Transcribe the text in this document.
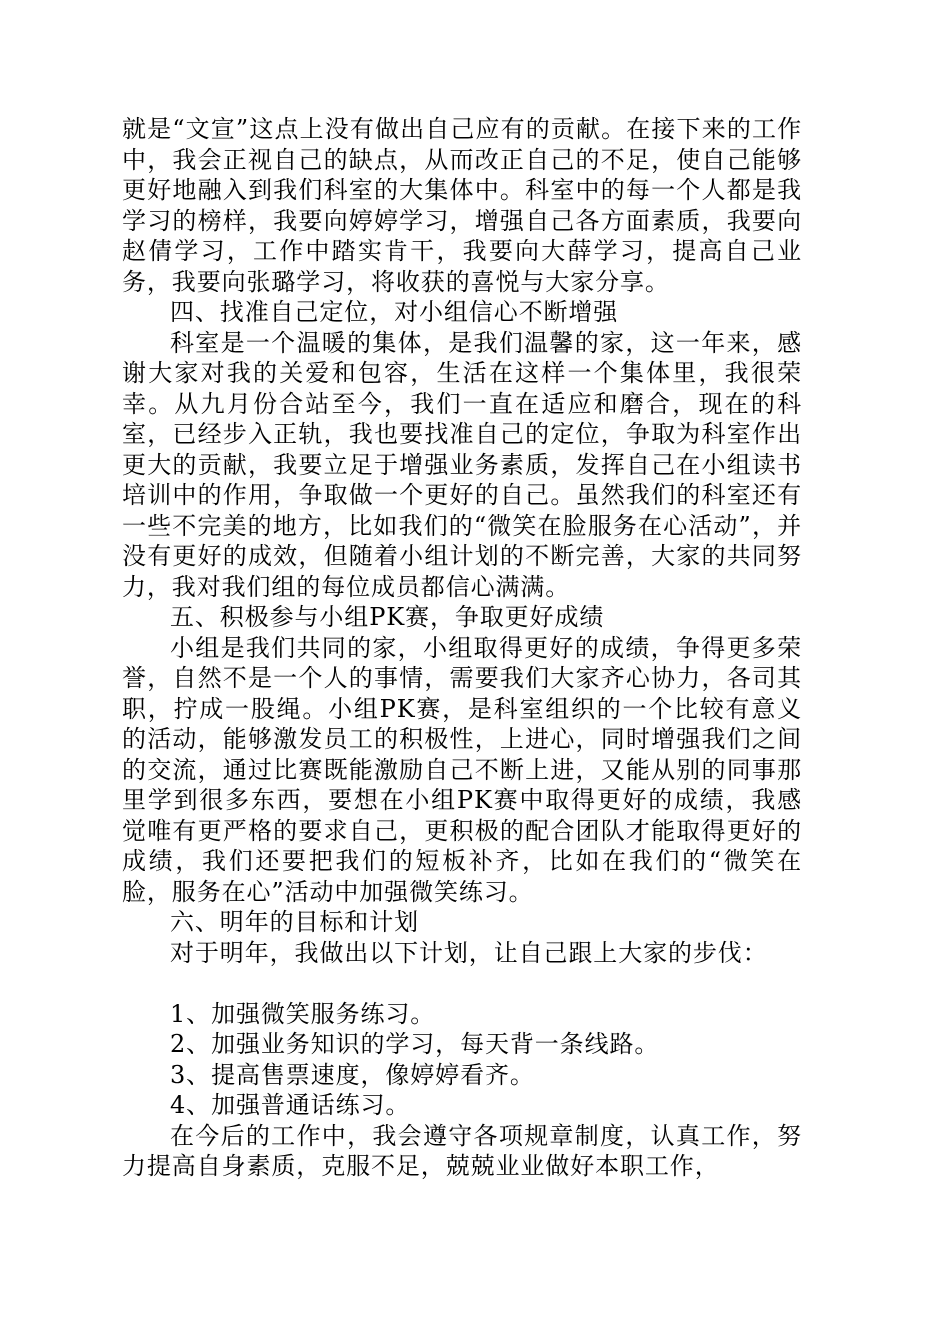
就是“文宣”这点上没有做出自己应有的贡献。在接下来的工作中，我会正视自己的缺点，从而改正自己的不足，使自己能够更好地融入到我们科室的大集体中。科室中的每一个人都是我学习的榜样，我要向婷婷学习，增强自己各方面素质，我要向赵倩学习，工作中踏实肯干，我要向大薛学习，提高自己业务，我要向张璐学习，将收获的喜悦与大家分享。

四、找准自己定位，对小组信心不断增强

科室是一个温暖的集体，是我们温馨的家，这一年来，感谢大家对我的关爱和包容，生活在这样一个集体里，我很荣幸。从九月份合站至今，我们一直在适应和磨合，现在的科室，已经步入正轨，我也要找准自己的定位，争取为科室作出更大的贡献，我要立足于增强业务素质，发挥自己在小组读书培训中的作用，争取做一个更好的自己。虽然我们的科室还有一些不完美的地方，比如我们的“微笑在脸服务在心活动”，并没有更好的成效，但随着小组计划的不断完善，大家的共同努力，我对我们组的每位成员都信心满满。

五、积极参与小组PK赛，争取更好成绩

小组是我们共同的家，小组取得更好的成绩，争得更多荣誉，自然不是一个人的事情，需要我们大家齐心协力，各司其职，拧成一股绳。小组PK赛，是科室组织的一个比较有意义的活动，能够激发员工的积极性，上进心，同时增强我们之间的交流，通过比赛既能激励自己不断上进，又能从别的同事那里学到很多东西，要想在小组PK赛中取得更好的成绩，我感觉唯有更严格的要求自己，更积极的配合团队才能取得更好的成绩，我们还要把我们的短板补齐，比如在我们的“微笑在脸，服务在心”活动中加强微笑练习。

六、明年的目标和计划

对于明年，我做出以下计划，让自己跟上大家的步伐：

1、加强微笑服务练习。

2、加强业务知识的学习，每天背一条线路。

3、提高售票速度，像婷婷看齐。

4、加强普通话练习。

在今后的工作中，我会遵守各项规章制度，认真工作，努力提高自身素质，克服不足，兢兢业业做好本职工作，
